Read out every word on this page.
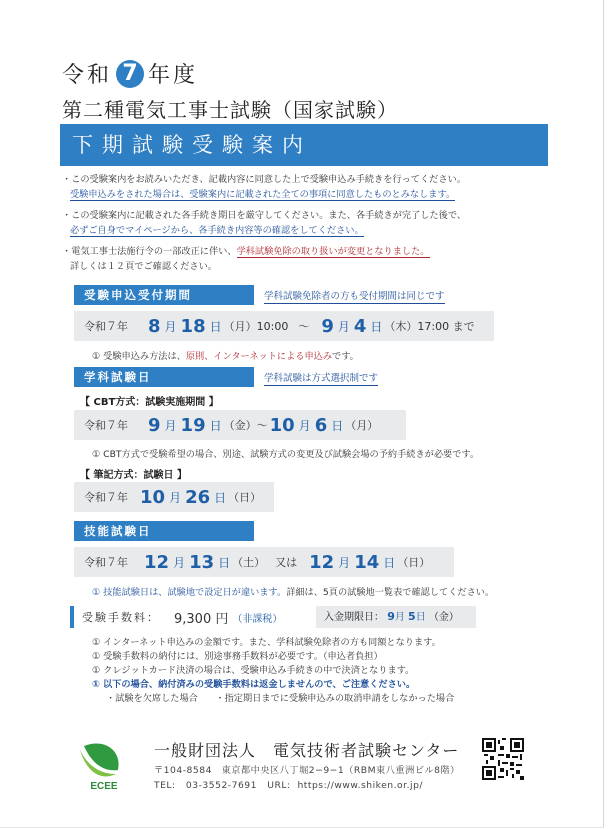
令和 7 年度
第二種電気工事士試験（国家試験）
下期試験受験案内
・この受験案内をお読みいただき、記載内容に同意した上で受験申込み手続きを行ってください。
受験申込みをされた場合は、受験案内に記載された全ての事項に同意したものとみなします。
・この受験案内に記載された各手続き期日を厳守してください。また、各手続きが完了した後で、
必ずご自身でマイページから、各手続き内容等の確認をしてください。
・電気工事士法施行令の一部改正に伴い、学科試験免除の取り扱いが変更となりました。
詳しくは１２頁でご確認ください。
受験申込受付期間	学科試験免除者の方も受付期間は同じです
令和７年 8 月 18 日 （月） 10:00 ～ 9 月 4 日 （木） 17:00 まで
① 受験申込み方法は、原則、インターネットによる申込みです。
学科試験日	学科試験は方式選択制です
【 CBT方式：試験実施期間 】
令和７年 9 月 19 日 （金） ～ 10 月 6 日 （月）
① CBT方式で受験希望の場合、別途、試験方式の変更及び試験会場の予約手続きが必要です。
【 筆記方式：試験日 】
令和７年 10 月 26 日 （日）
技能試験日
令和７年 12 月 13 日 （土） 又は 12 月 14 日 （日）
① 技能試験日は、試験地で設定日が違います。詳細は、5頁の試験地一覧表で確認してください。
受験手数料： 9,300 円 （非課税）	入金期限日： 9月 5日 （金）
① インターネット申込みの金額です。また、学科試験免除者の方も同額となります。
① 受験手数料の納付には、別途事務手数料が必要です。（申込者負担）
① クレジットカード決済の場合は、受験申込み手続きの中で決済となります。
① 以下の場合、納付済みの受験手数料は返金しませんので、ご注意ください。
・試験を欠席した場合 ・指定期日までに受験申込みの取消申請をしなかった場合
ECEE
一般財団法人　電気技術者試験センター
〒104-8584　東京都中央区八丁堀2−9−1（RBM東八重洲ビル8階）
TEL: 03-3552-7691 URL: https://www.shiken.or.jp/
